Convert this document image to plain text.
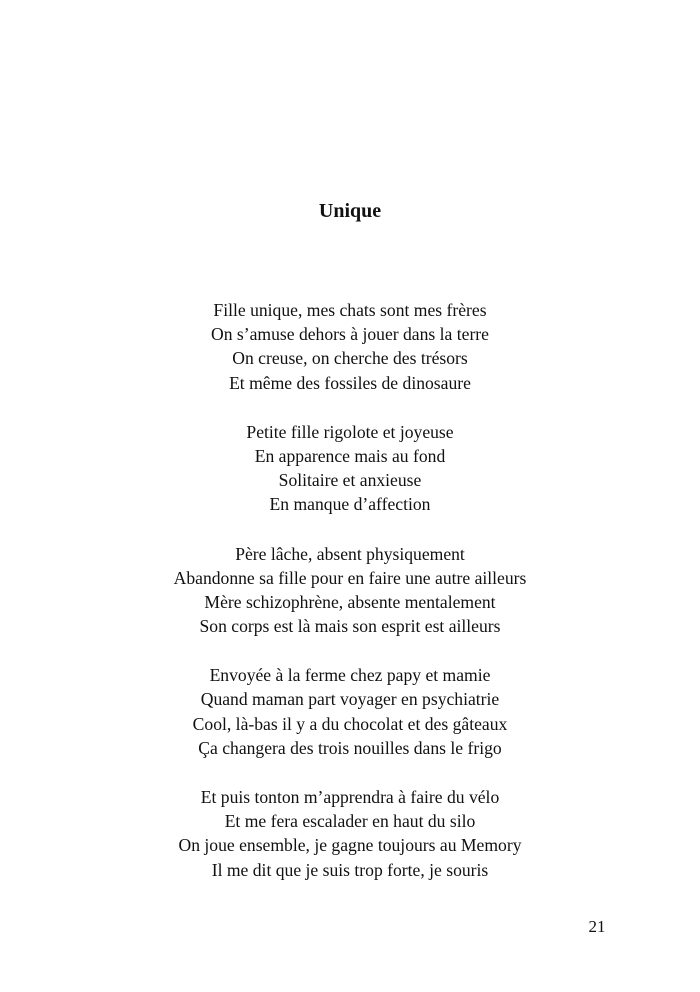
Unique
Fille unique, mes chats sont mes frères
On s’amuse dehors à jouer dans la terre
On creuse, on cherche des trésors
Et même des fossiles de dinosaure
Petite fille rigolote et joyeuse
En apparence mais au fond
Solitaire et anxieuse
En manque d’affection
Père lâche, absent physiquement
Abandonne sa fille pour en faire une autre ailleurs
Mère schizophrène, absente mentalement
Son corps est là mais son esprit est ailleurs
Envoyée à la ferme chez papy et mamie
Quand maman part voyager en psychiatrie
Cool, là-bas il y a du chocolat et des gâteaux
Ça changera des trois nouilles dans le frigo
Et puis tonton m’apprendra à faire du vélo
Et me fera escalader en haut du silo
On joue ensemble, je gagne toujours au Memory
Il me dit que je suis trop forte, je souris
21
